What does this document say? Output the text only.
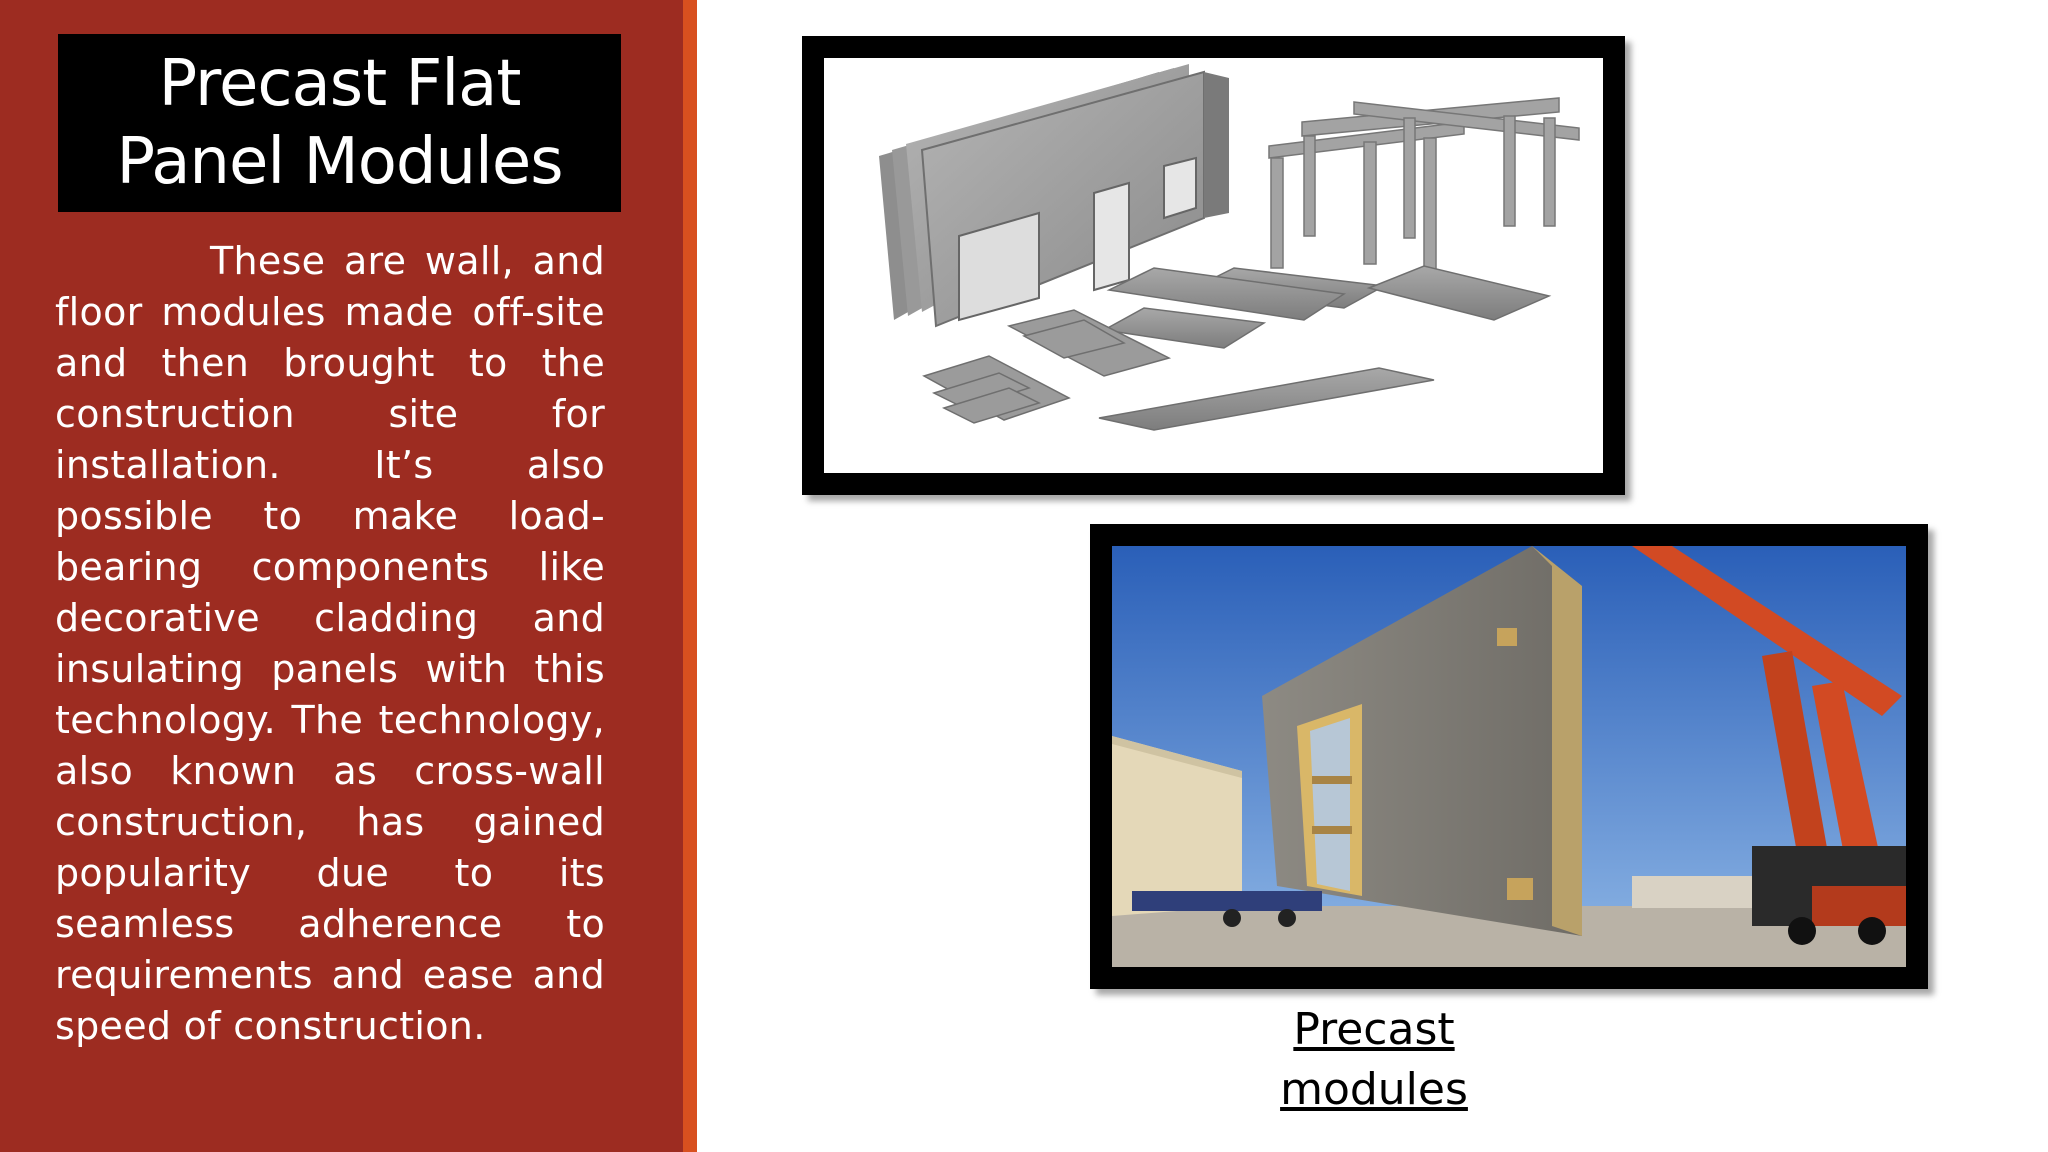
Precast Flat Panel Modules

These are wall, and floor modules made off-site and then brought to the construction site for installation. It’s also possible to make load-bearing components like decorative cladding and insulating panels with this technology. The technology, also known as cross-wall construction, has gained popularity due to its seamless adherence to requirements and ease and speed of construction.	Precast modules
